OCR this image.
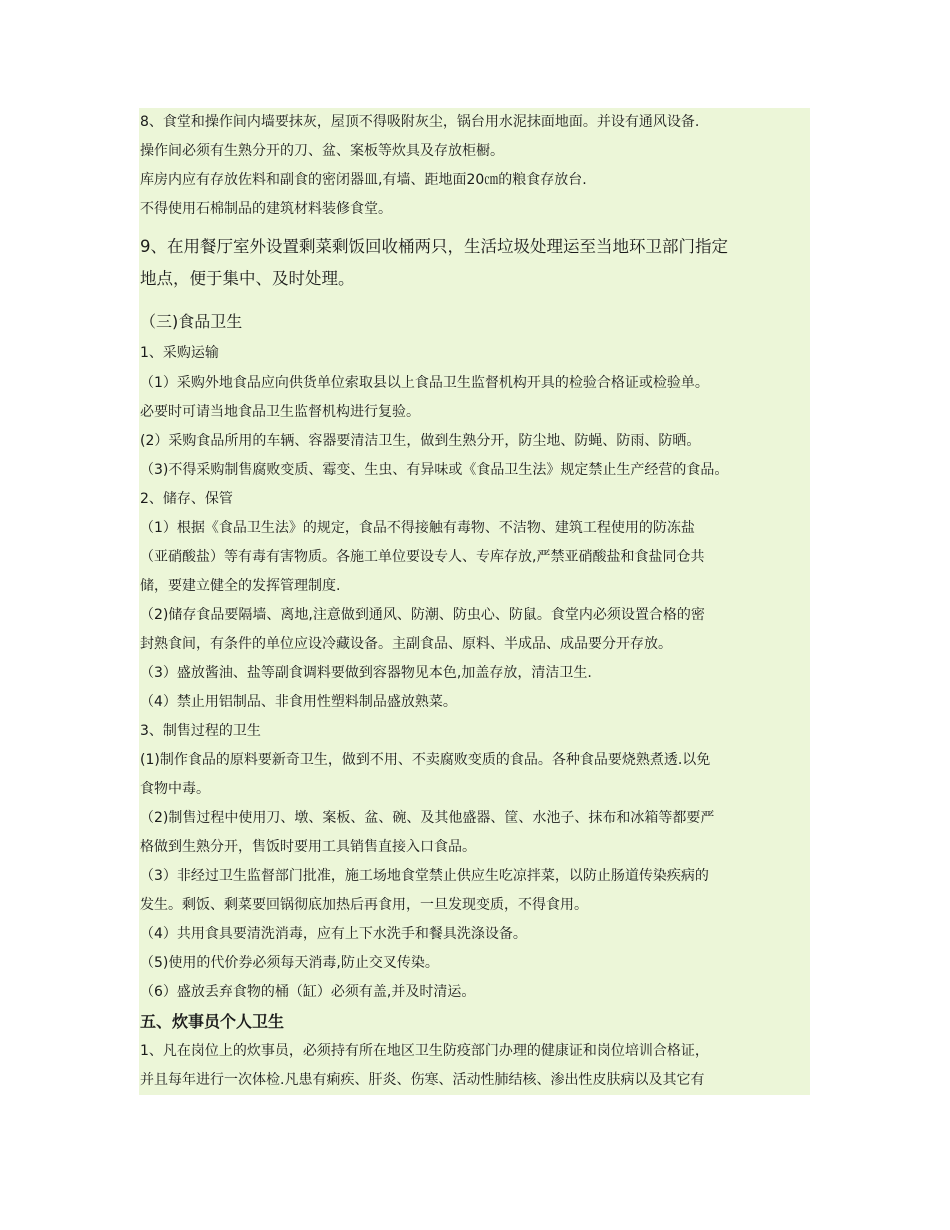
8、食堂和操作间内墙要抹灰，屋顶不得吸附灰尘，锅台用水泥抹面地面。并设有通风设备.

操作间必须有生熟分开的刀、盆、案板等炊具及存放柜橱。

库房内应有存放佐料和副食的密闭器皿,有墙、距地面20㎝的粮食存放台.

不得使用石棉制品的建筑材料装修食堂。

9、在用餐厅室外设置剩菜剩饭回收桶两只，生活垃圾处理运至当地环卫部门指定

地点，便于集中、及时处理。

（三)食品卫生

1、采购运输

（1）采购外地食品应向供货单位索取县以上食品卫生监督机构开具的检验合格证或检验单。

必要时可请当地食品卫生监督机构进行复验。

(2）采购食品所用的车辆、容器要清洁卫生，做到生熟分开，防尘地、防蝇、防雨、防晒。

（3)不得采购制售腐败变质、霉变、生虫、有异味或《食品卫生法》规定禁止生产经营的食品。

2、储存、保管

（1）根据《食品卫生法》的规定，食品不得接触有毒物、不洁物、建筑工程使用的防冻盐

（亚硝酸盐）等有毒有害物质。各施工单位要设专人、专库存放,严禁亚硝酸盐和食盐同仓共

储，要建立健全的发挥管理制度.

（2)储存食品要隔墙、离地,注意做到通风、防潮、防虫心、防鼠。食堂内必须设置合格的密

封熟食间，有条件的单位应设冷藏设备。主副食品、原料、半成品、成品要分开存放。

（3）盛放酱油、盐等副食调料要做到容器物见本色,加盖存放，清洁卫生.

（4）禁止用铝制品、非食用性塑料制品盛放熟菜。

3、制售过程的卫生

(1)制作食品的原料要新奇卫生，做到不用、不卖腐败变质的食品。各种食品要烧熟煮透.以免

食物中毒。

（2)制售过程中使用刀、墩、案板、盆、碗、及其他盛器、筐、水池子、抹布和冰箱等都要严

格做到生熟分开，售饭时要用工具销售直接入口食品。

（3）非经过卫生监督部门批准，施工场地食堂禁止供应生吃凉拌菜，以防止肠道传染疾病的

发生。剩饭、剩菜要回锅彻底加热后再食用，一旦发现变质，不得食用。

（4）共用食具要清洗消毒，应有上下水洗手和餐具洗涤设备。

（5)使用的代价券必须每天消毒,防止交叉传染。

（6）盛放丢弃食物的桶（缸）必须有盖,并及时清运。

五、炊事员个人卫生

1、凡在岗位上的炊事员，必须持有所在地区卫生防疫部门办理的健康证和岗位培训合格证，

并且每年进行一次体检.凡患有痢疾、肝炎、伤寒、活动性肺结核、渗出性皮肤病以及其它有
